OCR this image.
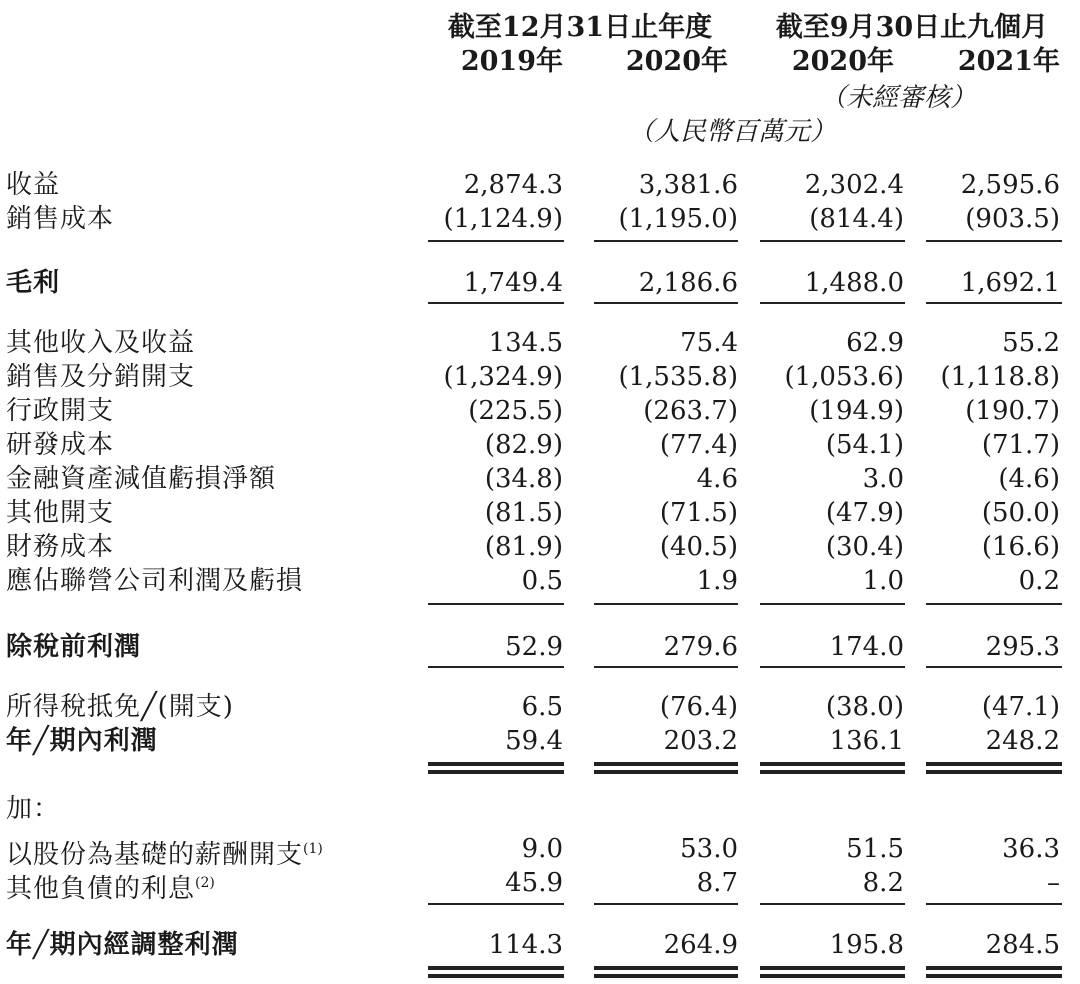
截至12月31日止年度	截至9月30日止九個月
2019年 2020年 2020年 2021年
（未經審核）
（人民幣百萬元）
收益	2,874.3	3,381.6	2,302.4 2,595.6
銷售成本	(1,124.9) (1,195.0)	(814.4) (903.5)
毛利	1,749.4	2,186.6	1,488.0 1,692.1
其他收入及收益	134.5	75.4	62.9	55.2
銷售及分銷開支	(1,324.9) (1,535.8) (1,053.6) (1,118.8)
行政開支	(225.5)	(263.7)	(194.9) (190.7)
研發成本	(82.9)	(77.4)	(54.1)	(71.7)
金融資產減值虧損淨額	(34.8)	4.6	3.0	(4.6)
其他開支	(81.5)	(71.5)	(47.9)	(50.0)
財務成本	(81.9)	(40.5)	(30.4)	(16.6)
應佔聯營公司利潤及虧損	0.5	1.9	1.0	0.2
除稅前利潤	52.9	279.6	174.0	295.3
所得稅抵免╱(開支)	6.5	(76.4)	(38.0)	(47.1)
年╱期內利潤	59.4	203.2	136.1	248.2
加：
以股份為基礎的薪酬開支$^{(1)}$	9.0	53.0	51.5	36.3
其他負債的利息$^{(2)}$	45.9	8.7	8.2	–
年╱期內經調整利潤	114.3	264.9	195.8	284.5
